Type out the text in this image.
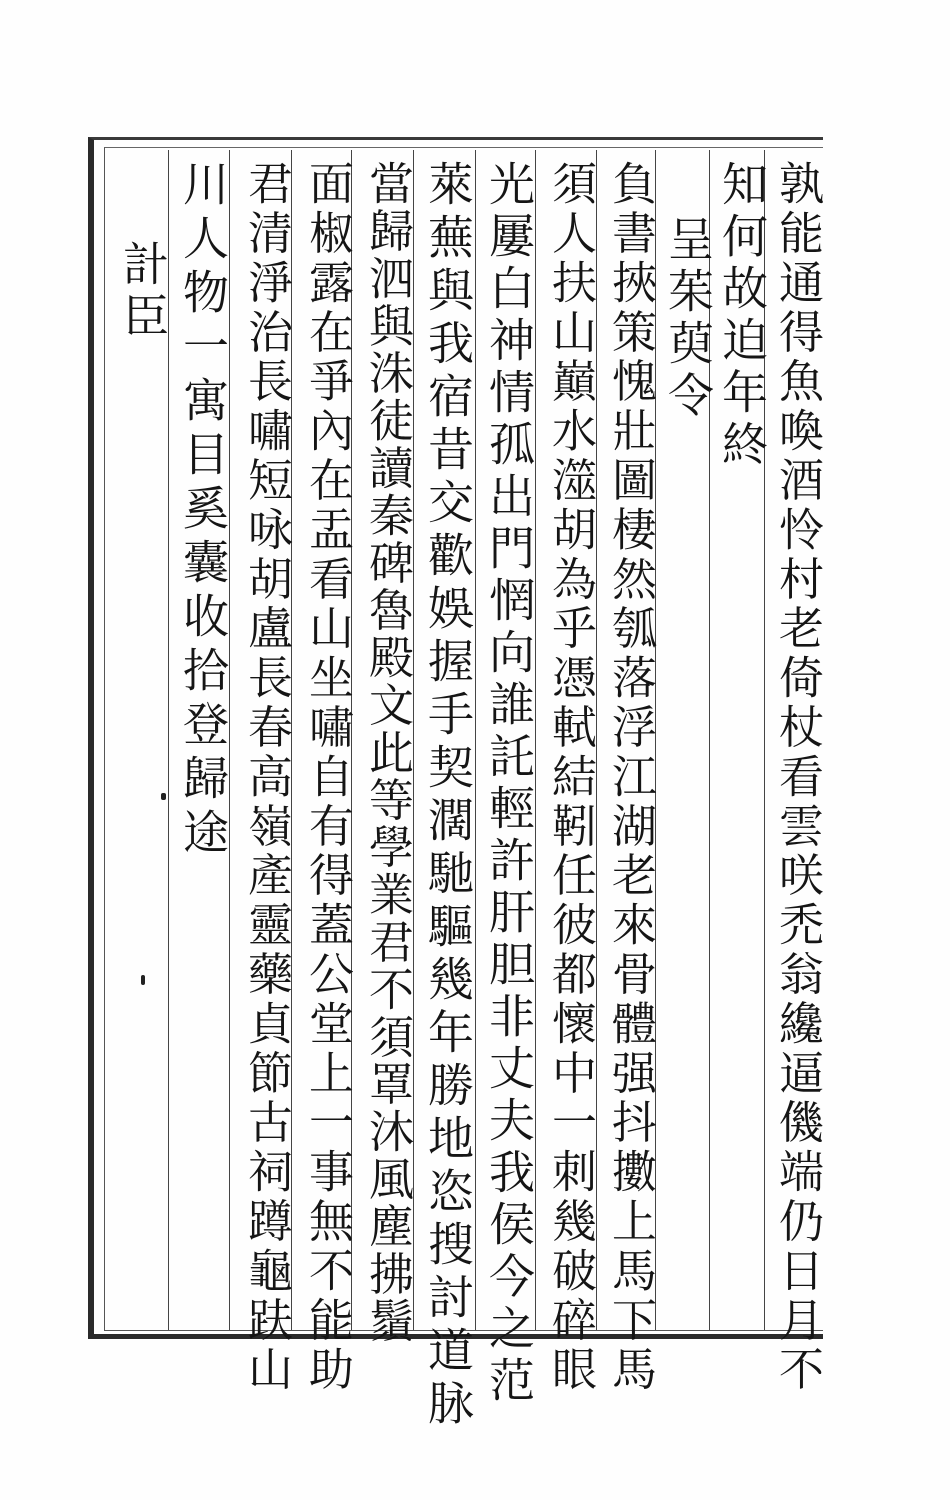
孰能通得魚喚酒怜村老倚杖看雲咲禿翁纔逼僟端仍日月不
知何故迫年終
呈茱萸令
負書挾策愧壯圖棲然瓠落浮江湖老來骨體强抖擻上馬下馬
須人扶山巔水澨胡為乎憑軾結靷任彼都懷中一刺幾破碎眼
光屢白神情孤出門惘向誰託輕許肝胆非丈夫我侯今之范
萊蕪與我宿昔交歡娛握手契濶馳驅幾年勝地恣搜討道脉
當歸泗與洙徒讀秦碑魯殿文此等學業君不須罩沐風塵拂鬚
面椒露在爭內在盂看山坐嘯自有得蓋公堂上一事無不能助
君清淨治長嘯短咏胡盧長春高嶺產靈藥貞節古祠蹲龜趺山
川人物一寓目奚囊收拾登歸途
計臣
